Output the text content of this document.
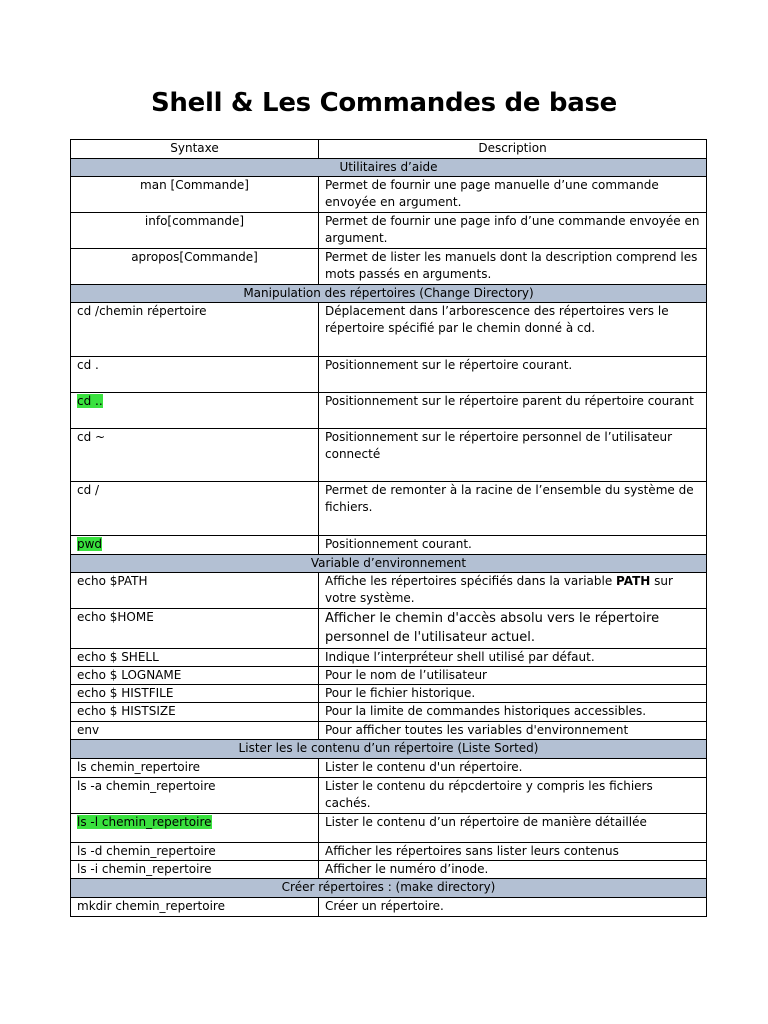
Shell & Les Commandes de base
Syntaxe	Description
Utilitaires d’aide	
man [Commande]	Permet de fournir une page manuelle d’une commande envoyée en argument.
info[commande]	Permet de fournir une page info d’une commande envoyée en argument.
apropos[Commande]	Permet de lister les manuels dont la description comprend les mots passés en arguments.
Manipulation des répertoires (Change Directory)	
cd /chemin répertoire	Déplacement dans l’arborescence des répertoires vers le répertoire spécifié par le chemin donné à cd.
cd .	Positionnement sur le répertoire courant.
cd ..	Positionnement sur le répertoire parent du répertoire courant
cd ~	Positionnement sur le répertoire personnel de l’utilisateur connecté
cd /	Permet de remonter à la racine de l’ensemble du système de fichiers.
pwd	Positionnement courant.
Variable d’environnement	
echo $PATH	Affiche les répertoires spécifiés dans la variable PATH sur votre système.
echo $HOME	Afficher le chemin d'accès absolu vers le répertoire personnel de l'utilisateur actuel.
echo $ SHELL	Indique l’interpréteur shell utilisé par défaut.
echo $ LOGNAME	Pour le nom de l’utilisateur
echo $ HISTFILE	Pour le fichier historique.
echo $ HISTSIZE	Pour la limite de commandes historiques accessibles.
env	Pour afficher toutes les variables d'environnement
Lister les le contenu d’un répertoire (Liste Sorted)	
ls chemin_repertoire	Lister le contenu d'un répertoire.
ls -a chemin_repertoire	Lister le contenu du répcdertoire y compris les fichiers cachés.
ls -l chemin_repertoire	Lister le contenu d’un répertoire de manière détaillée
ls -d chemin_repertoire	Afficher les répertoires sans lister leurs contenus
ls -i chemin_repertoire	Afficher le numéro d’inode.
Créer répertoires : (make directory)	
mkdir chemin_repertoire	Créer un répertoire.
